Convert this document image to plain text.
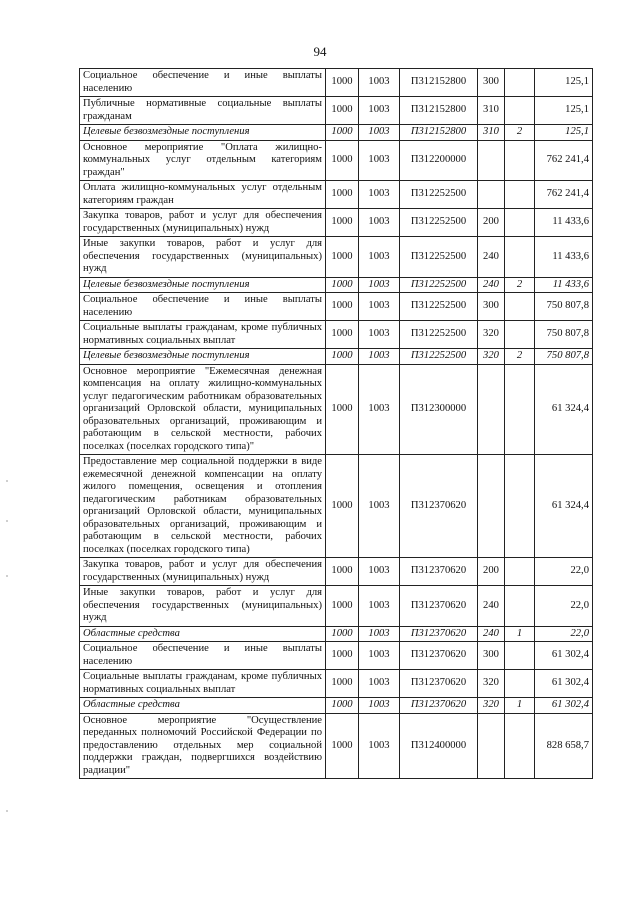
94
Социальное обеспечение и иные выплаты населению	1000	1003	П312152800	300		125,1
Публичные нормативные социальные выплаты гражданам	1000	1003	П312152800	310		125,1
Целевые безвозмездные поступления	1000	1003	П312152800	310	2	125,1
Основное мероприятие "Оплата жилищно-коммунальных услуг отдельным категориям граждан"	1000	1003	П312200000			762 241,4
Оплата жилищно-коммунальных услуг отдельным категориям граждан	1000	1003	П312252500			762 241,4
Закупка товаров, работ и услуг для обеспечения государственных (муниципальных) нужд	1000	1003	П312252500	200		11 433,6
Иные закупки товаров, работ и услуг для обеспечения государственных (муниципальных) нужд	1000	1003	П312252500	240		11 433,6
Целевые безвозмездные поступления	1000	1003	П312252500	240	2	11 433,6
Социальное обеспечение и иные выплаты населению	1000	1003	П312252500	300		750 807,8
Социальные выплаты гражданам, кроме публичных нормативных социальных выплат	1000	1003	П312252500	320		750 807,8
Целевые безвозмездные поступления	1000	1003	П312252500	320	2	750 807,8
Основное мероприятие "Ежемесячная денежная компенсация на оплату жилищно-коммунальных услуг педагогическим работникам образовательных организаций Орловской области, муниципальных образовательных организаций, проживающим и работающим в сельской местности, рабочих поселках (поселках городского типа)"	1000	1003	П312300000			61 324,4
Предоставление мер социальной поддержки в виде ежемесячной денежной компенсации на оплату жилого помещения, освещения и отопления педагогическим работникам образовательных организаций Орловской области, муниципальных образовательных организаций, проживающим и работающим в сельской местности, рабочих поселках (поселках городского типа)	1000	1003	П312370620			61 324,4
Закупка товаров, работ и услуг для обеспечения государственных (муниципальных) нужд	1000	1003	П312370620	200		22,0
Иные закупки товаров, работ и услуг для обеспечения государственных (муниципальных) нужд	1000	1003	П312370620	240		22,0
Областные средства	1000	1003	П312370620	240	1	22,0
Социальное обеспечение и иные выплаты населению	1000	1003	П312370620	300		61 302,4
Социальные выплаты гражданам, кроме публичных нормативных социальных выплат	1000	1003	П312370620	320		61 302,4
Областные средства	1000	1003	П312370620	320	1	61 302,4
Основное мероприятие "Осуществление переданных полномочий Российской Федерации по предоставлению отдельных мер социальной поддержки граждан, подвергшихся воздействию радиации"	1000	1003	П312400000			828 658,7
